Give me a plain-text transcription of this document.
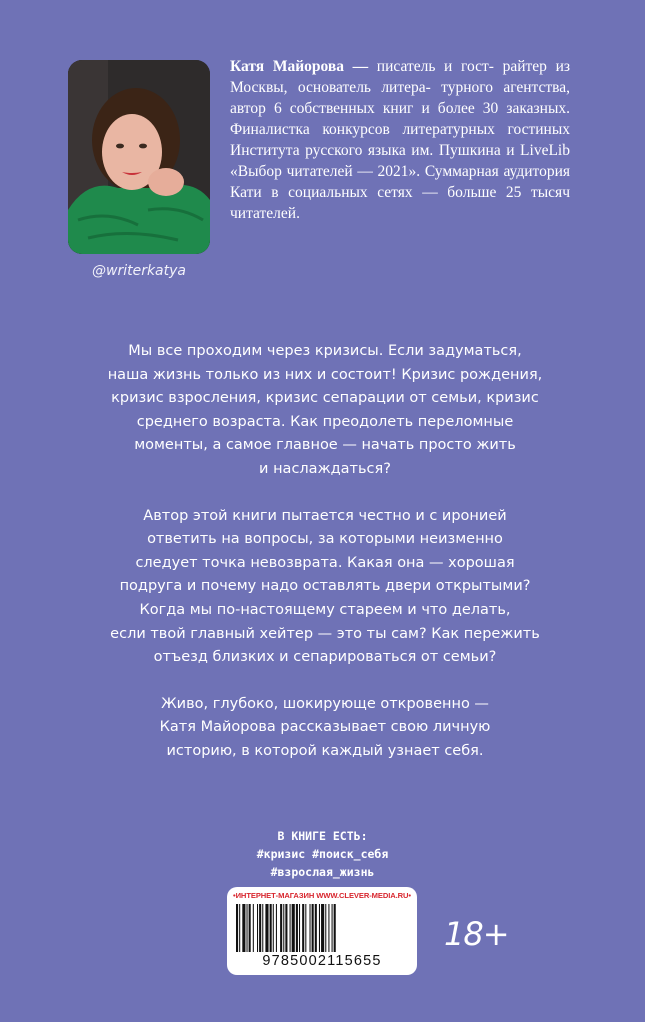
@writerkatya
Катя Майорова — писатель и гост- райтер из Москвы, основатель литера- турного агентства, автор 6 собственных книг и более 30 заказных. Финалистка конкурсов литературных гостиных Института русского языка им. Пушкина и LiveLib «Выбор читателей — 2021». Суммарная аудитория Кати в социальных сетях — больше 25 тысяч читателей.

Мы все проходим через кризисы. Если задуматься,
наша жизнь только из них и состоит! Кризис рождения,
кризис взросления, кризис сепарации от семьи, кризис
среднего возраста. Как преодолеть переломные
моменты, а самое главное — начать просто жить
и наслаждаться?

Автор этой книги пытается честно и с иронией
ответить на вопросы, за которыми неизменно
следует точка невозврата. Какая она — хорошая
подруга и почему надо оставлять двери открытыми?
Когда мы по-настоящему стареем и что делать,
если твой главный хейтер — это ты сам? Как пережить
отъезд близких и сепарироваться от семьи?

Живо, глубоко, шокирующе откровенно —
Катя Майорова рассказывает свою личную
историю, в которой каждый узнает себя.

В КНИГЕ ЕСТЬ:
#кризис #поиск_себя
#взрослая_жизнь
•ИНТЕРНЕТ-МАГАЗИН WWW.CLEVER-MEDIA.RU•
9785002115655
18+
